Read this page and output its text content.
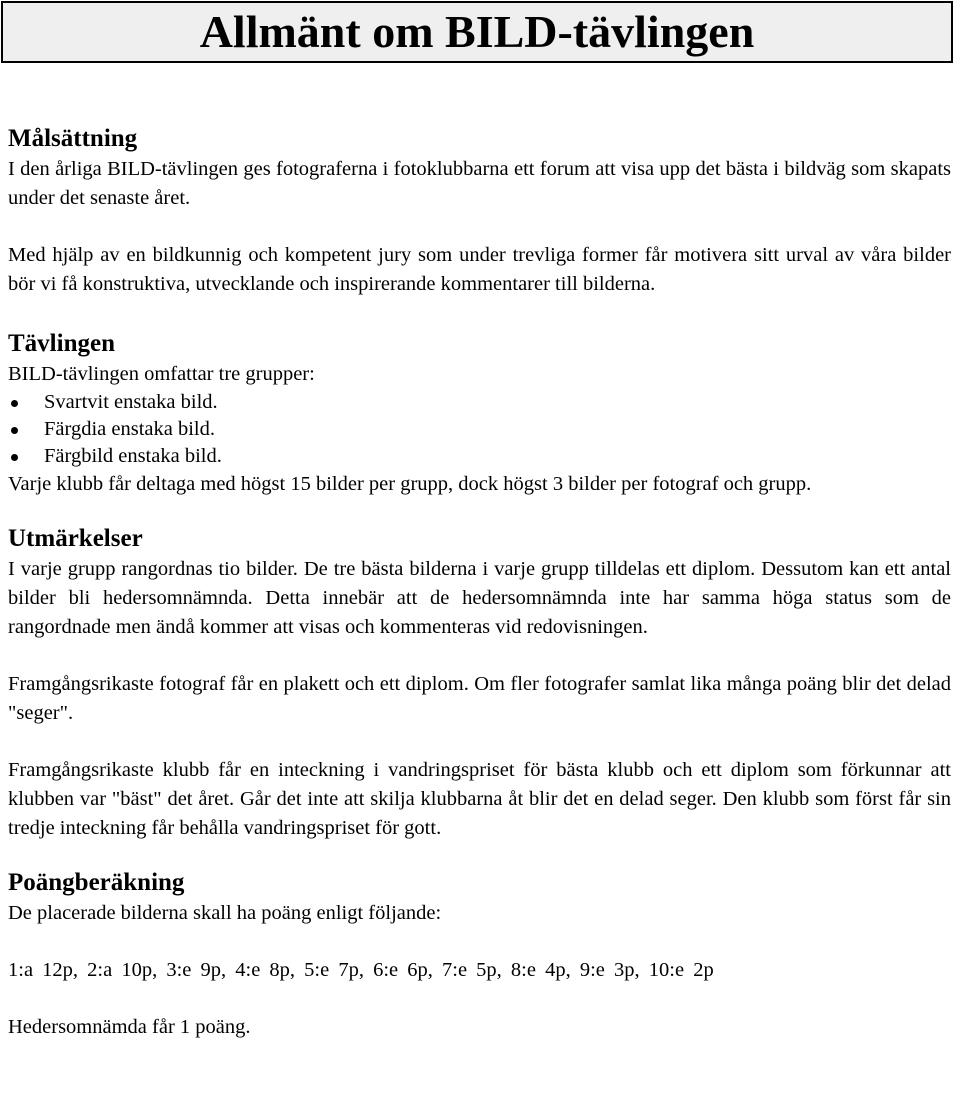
Allmänt om BILD-tävlingen
Målsättning

I den årliga BILD-tävlingen ges fotograferna i fotoklubbarna ett forum att visa upp det bästa i bildväg som skapats under det senaste året.

Med hjälp av en bildkunnig och kompetent jury som under trevliga former får motivera sitt urval av våra bilder bör vi få konstruktiva, utvecklande och inspirerande kommentarer till bilderna.

Tävlingen

BILD-tävlingen omfattar tre grupper:

Svartvit enstaka bild.
Färgdia enstaka bild.
Färgbild enstaka bild.

Varje klubb får deltaga med högst 15 bilder per grupp, dock högst 3 bilder per fotograf och grupp.

Utmärkelser

I varje grupp rangordnas tio bilder. De tre bästa bilderna i varje grupp tilldelas ett diplom. Dessutom kan ett antal bilder bli hedersomnämnda. Detta innebär att de hedersomnämnda inte har samma höga status som de rangordnade men ändå kommer att visas och kommenteras vid redovisningen.

Framgångsrikaste fotograf får en plakett och ett diplom. Om fler fotografer samlat lika många poäng blir det delad "seger".

Framgångsrikaste klubb får en inteckning i vandringspriset för bästa klubb och ett diplom som förkunnar att klubben var "bäst" det året. Går det inte att skilja klubbarna åt blir det en delad seger. Den klubb som först får sin tredje inteckning får behålla vandringspriset för gott.

Poängberäkning

De placerade bilderna skall ha poäng enligt följande:

1:a 12p, 2:a 10p, 3:e 9p, 4:e 8p, 5:e 7p, 6:e 6p, 7:e 5p, 8:e 4p, 9:e 3p, 10:e 2p

Hedersomnämda får 1 poäng.
